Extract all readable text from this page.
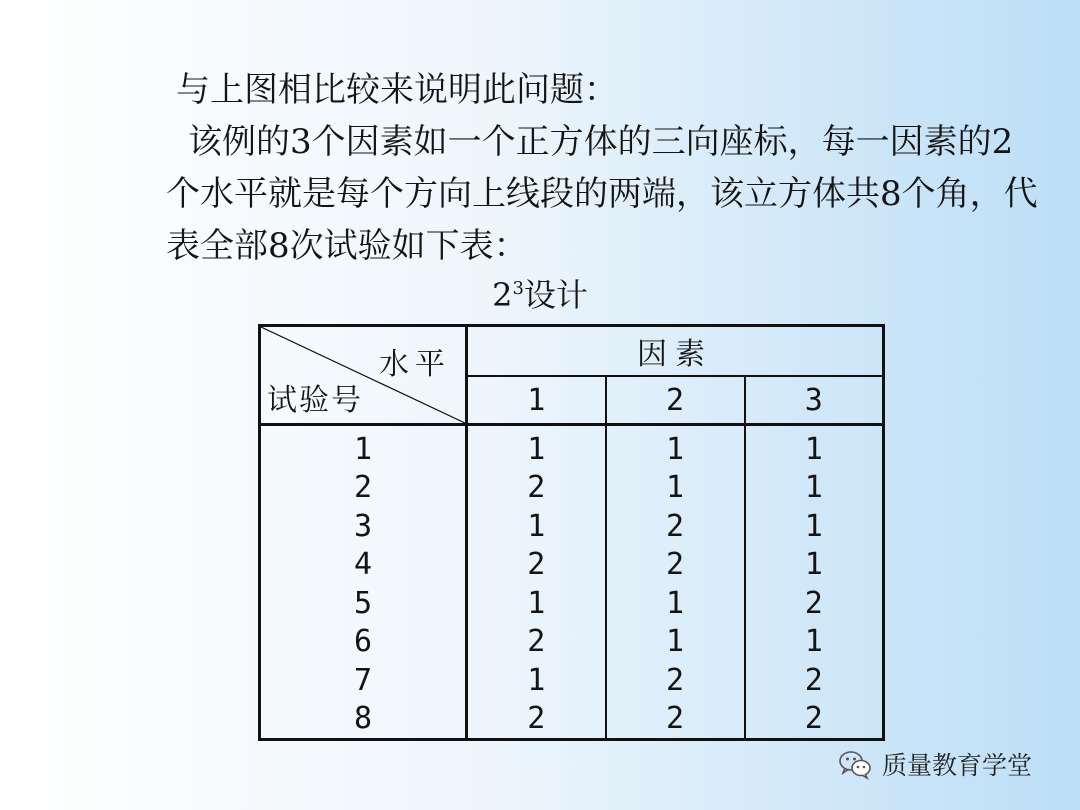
与上图相比较来说明此问题：

该例的3个因素如一个正方体的三向座标，每一因素的2个水平就是每个方向上线段的两端，该立方体共8个角，代表全部8次试验如下表：

$2^3$设计
水平
试验号	因素		
	1	2	3
1	1	1	1
2	2	1	1
3	1	2	1
4	2	2	1
5	1	1	2
6	2	1	1
7	1	2	2
8	2	2	2
质量教育学堂
